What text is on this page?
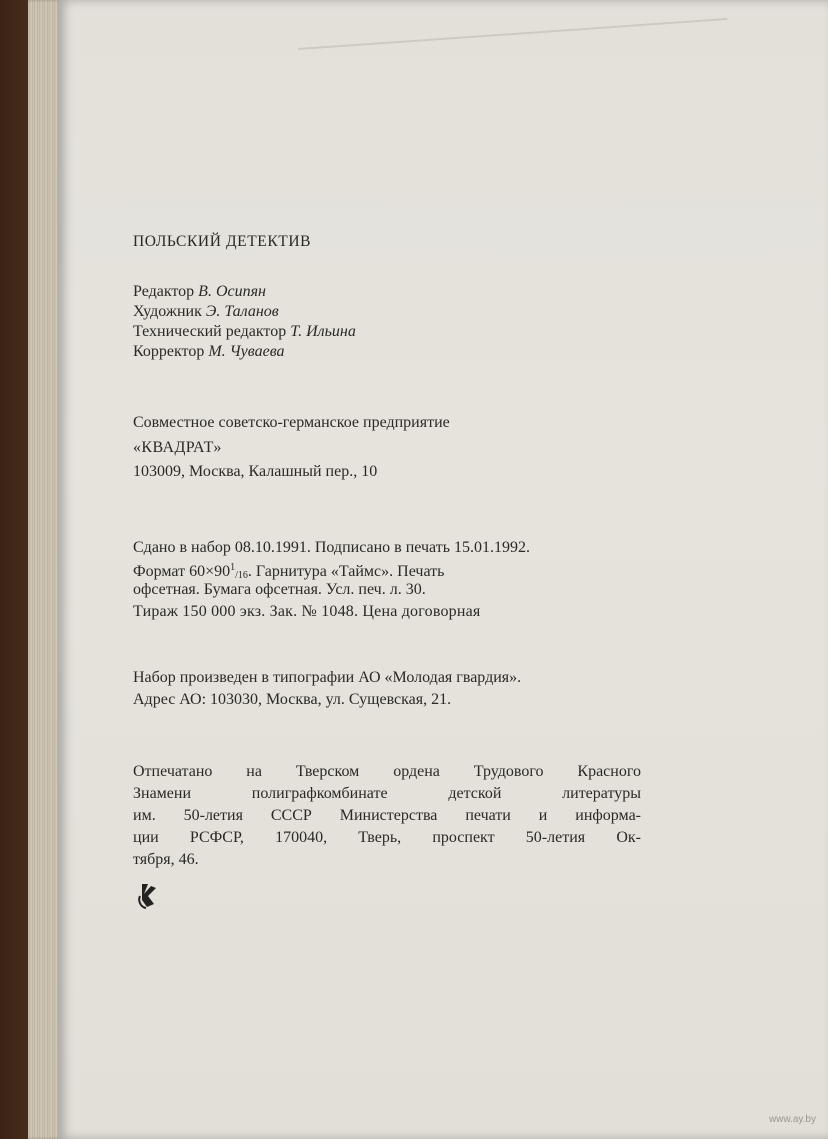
ПОЛЬСКИЙ ДЕТЕКТИВ
Редактор В. Осипян
Художник Э. Таланов
Технический редактор Т. Ильина
Корректор М. Чуваева
Совместное советско-германское предприятие
«КВАДРАТ»
103009, Москва, Калашный пер., 10
Сдано в набор 08.10.1991. Подписано в печать 15.01.1992.
Формат $60\times 90^1_{/16}$. Гарнитура «Таймс». Печать
офсетная. Бумага офсетная. Усл. печ. л. 30.
Тираж 150 000 экз. Зак. № 1048. Цена договорная
Набор произведен в типографии АО «Молодая гвардия».
Адрес АО: 103030, Москва, ул. Сущевская, 21.
Отпечатано на Тверском ордена Трудового Красного
Знамени полиграфкомбинате детской литературы
им. 50-летия СССР Министерства печати и информа-
ции РСФСР, 170040, Тверь, проспект 50-летия Ок-
тября, 46.
www.ay.by
